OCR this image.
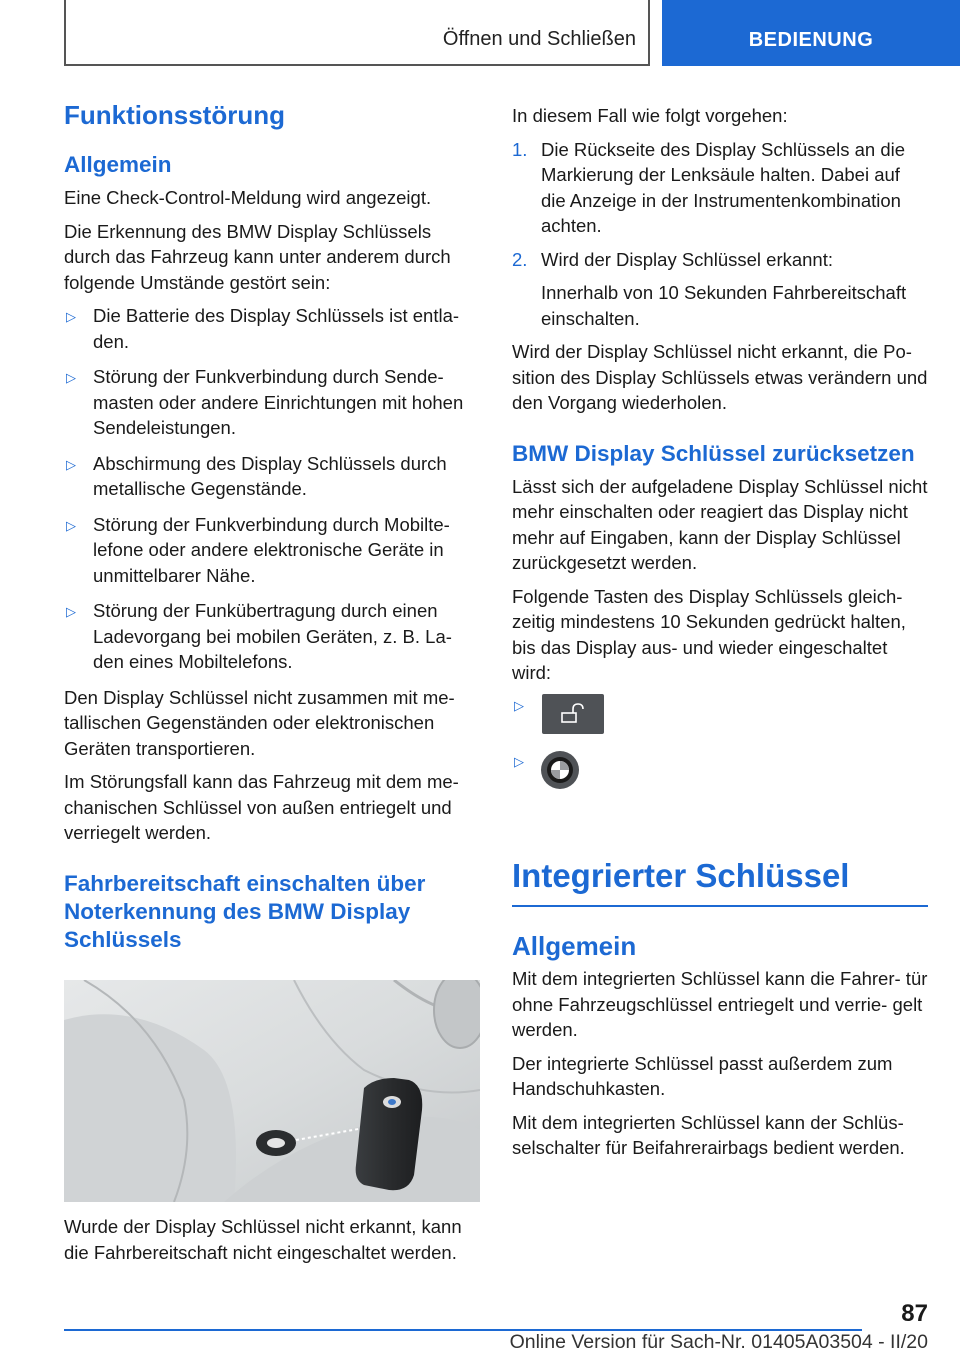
Öffnen und Schließen	BEDIENUNG
Funktionsstörung
Allgemein

Eine Check-Control-Meldung wird angezeigt.

Die Erkennung des BMW Display Schlüssels durch das Fahrzeug kann unter anderem durch folgende Umstände gestört sein:

▷ Die Batterie des Display Schlüssels ist entla‐ den.
▷ Störung der Funkverbindung durch Sende‐ masten oder andere Einrichtungen mit hohen Sendeleistungen.
▷ Abschirmung des Display Schlüssels durch metallische Gegenstände.
▷ Störung der Funkverbindung durch Mobilte‐ lefone oder andere elektronische Geräte in unmittelbarer Nähe.
▷ Störung der Funkübertragung durch einen Ladevorgang bei mobilen Geräten, z. B. La‐ den eines Mobiltelefons.

Den Display Schlüssel nicht zusammen mit me‐ tallischen Gegenständen oder elektronischen Geräten transportieren.

Im Störungsfall kann das Fahrzeug mit dem me‐ chanischen Schlüssel von außen entriegelt und verriegelt werden.

Fahrbereitschaft einschalten über Noterkennung des BMW Display Schlüssels

Wurde der Display Schlüssel nicht erkannt, kann die Fahrbereitschaft nicht eingeschaltet werden.

In diesem Fall wie folgt vorgehen:

1. Die Rückseite des Display Schlüssels an die Markierung der Lenksäule halten. Dabei auf die Anzeige in der Instrumentenkombination achten.
2. Wird der Display Schlüssel erkannt:
Innerhalb von 10 Sekunden Fahrbereitschaft einschalten.

Wird der Display Schlüssel nicht erkannt, die Po‐ sition des Display Schlüssels etwas verändern und den Vorgang wiederholen.

BMW Display Schlüssel zurücksetzen

Lässt sich der aufgeladene Display Schlüssel nicht mehr einschalten oder reagiert das Display nicht mehr auf Eingaben, kann der Display Schlüssel zurückgesetzt werden.

Folgende Tasten des Display Schlüssels gleich‐ zeitig mindestens 10 Sekunden gedrückt halten, bis das Display aus- und wieder eingeschaltet wird:

▷
▷
Integrierter Schlüssel
Allgemein

Mit dem integrierten Schlüssel kann die Fahrer‐ tür ohne Fahrzeugschlüssel entriegelt und verrie‐ gelt werden.

Der integrierte Schlüssel passt außerdem zum Handschuhkasten.

Mit dem integrierten Schlüssel kann der Schlüs‐ selschalter für Beifahrerairbags bedient werden.

87
Online Version für Sach-Nr. 01405A03504 - II/20
